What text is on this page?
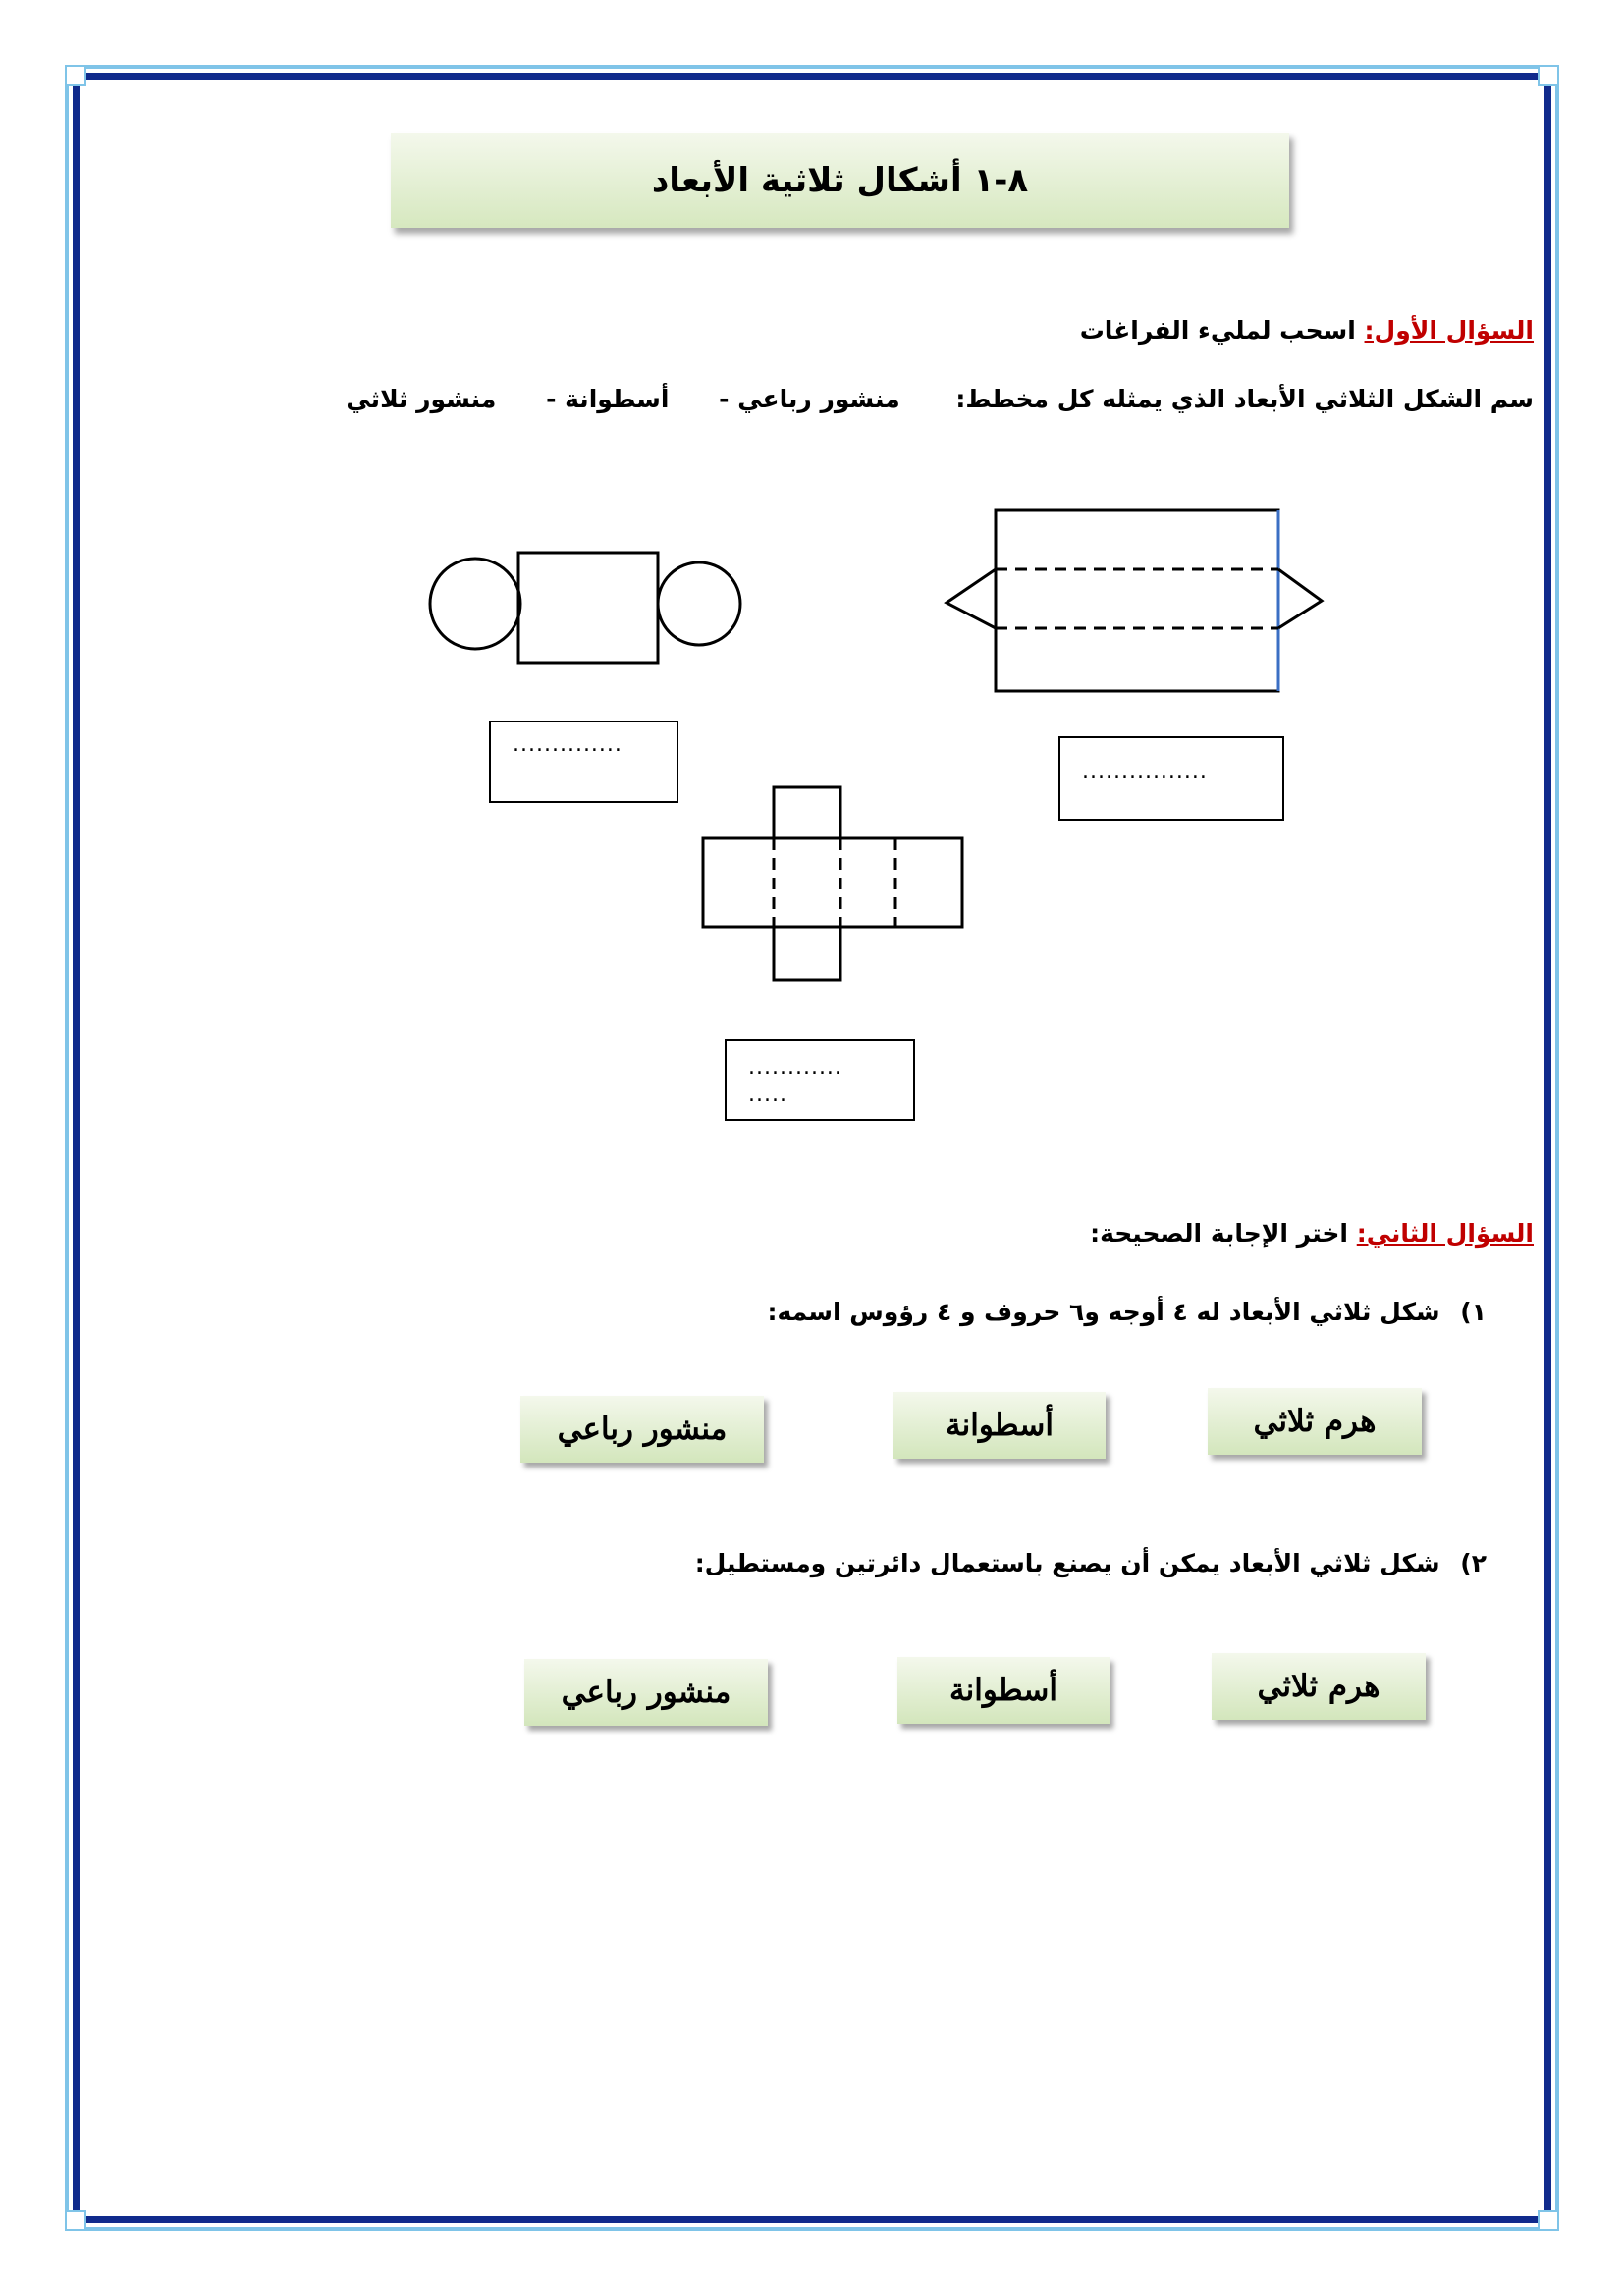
٨-١ أشكال ثلاثية الأبعاد
السؤال الأول: اسحب لمليء الفراغات
سم الشكل الثلاثي الأبعاد الذي يمثله كل مخطط: منشور رباعي - أسطوانة - منشور ثلاثي
..............
................
............
.....
السؤال الثاني: اختر الإجابة الصحيحة:
١) شكل ثلاثي الأبعاد له ٤ أوجه و٦ حروف و ٤ رؤوس اسمه:
هرم ثلاثي
أسطوانة
منشور رباعي
٢) شكل ثلاثي الأبعاد يمكن أن يصنع باستعمال دائرتين ومستطيل:
هرم ثلاثي
أسطوانة
منشور رباعي
